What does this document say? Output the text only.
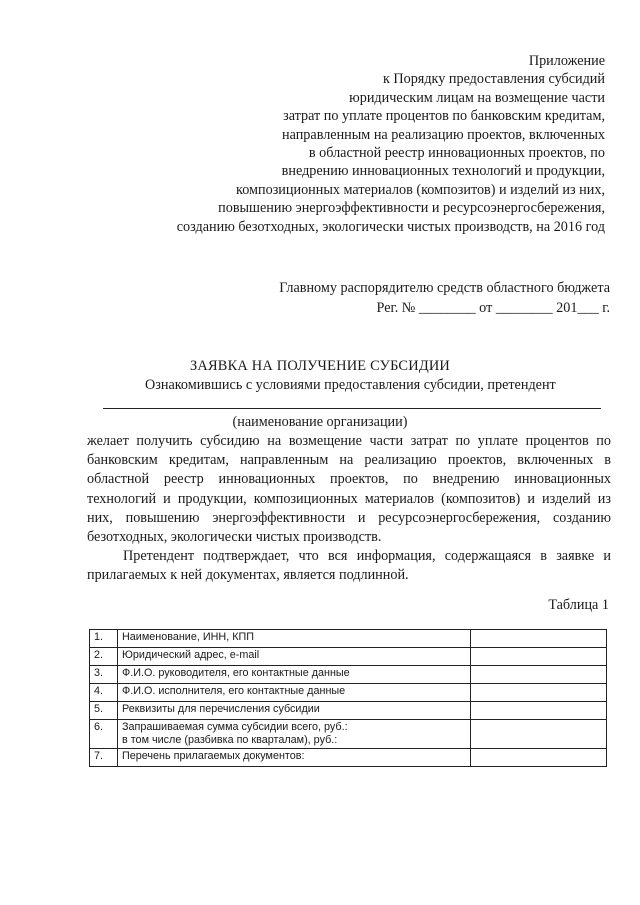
Приложение
к Порядку предоставления субсидий
юридическим лицам на возмещение части
затрат по уплате процентов по банковским кредитам,
направленным на реализацию проектов, включенных
в областной реестр инновационных проектов, по
внедрению инновационных технологий и продукции,
композиционных материалов (композитов) и изделий из них,
повышению энергоэффективности и ресурсоэнергосбережения,
созданию безотходных, экологически чистых производств, на 2016 год
Главному распорядителю средств областного бюджета
Рег. № ________ от ________ 201___ г.
ЗАЯВКА НА ПОЛУЧЕНИЕ СУБСИДИИ
Ознакомившись с условиями предоставления субсидии, претендент
(наименование организации)

желает получить субсидию на возмещение части затрат по уплате процентов по банковским кредитам, направленным на реализацию проектов, включенных в областной реестр инновационных проектов, по внедрению инновационных технологий и продукции, композиционных материалов (композитов) и изделий из них, повышению энергоэффективности и ресурсоэнергосбережения, созданию безотходных, экологически чистых производств.

Претендент подтверждает, что вся информация, содержащаяся в заявке и прилагаемых к ней документах, является подлинной.

Таблица 1
1.	Наименование, ИНН, КПП	
2.	Юридический адрес, e-mail	
3.	Ф.И.О. руководителя, его контактные данные	
4.	Ф.И.О. исполнителя, его контактные данные	
5.	Реквизиты для перечисления субсидии	
6.	Запрашиваемая сумма субсидии всего, руб.:
в том числе (разбивка по кварталам), руб.:	

7.	Перечень прилагаемых документов:	
